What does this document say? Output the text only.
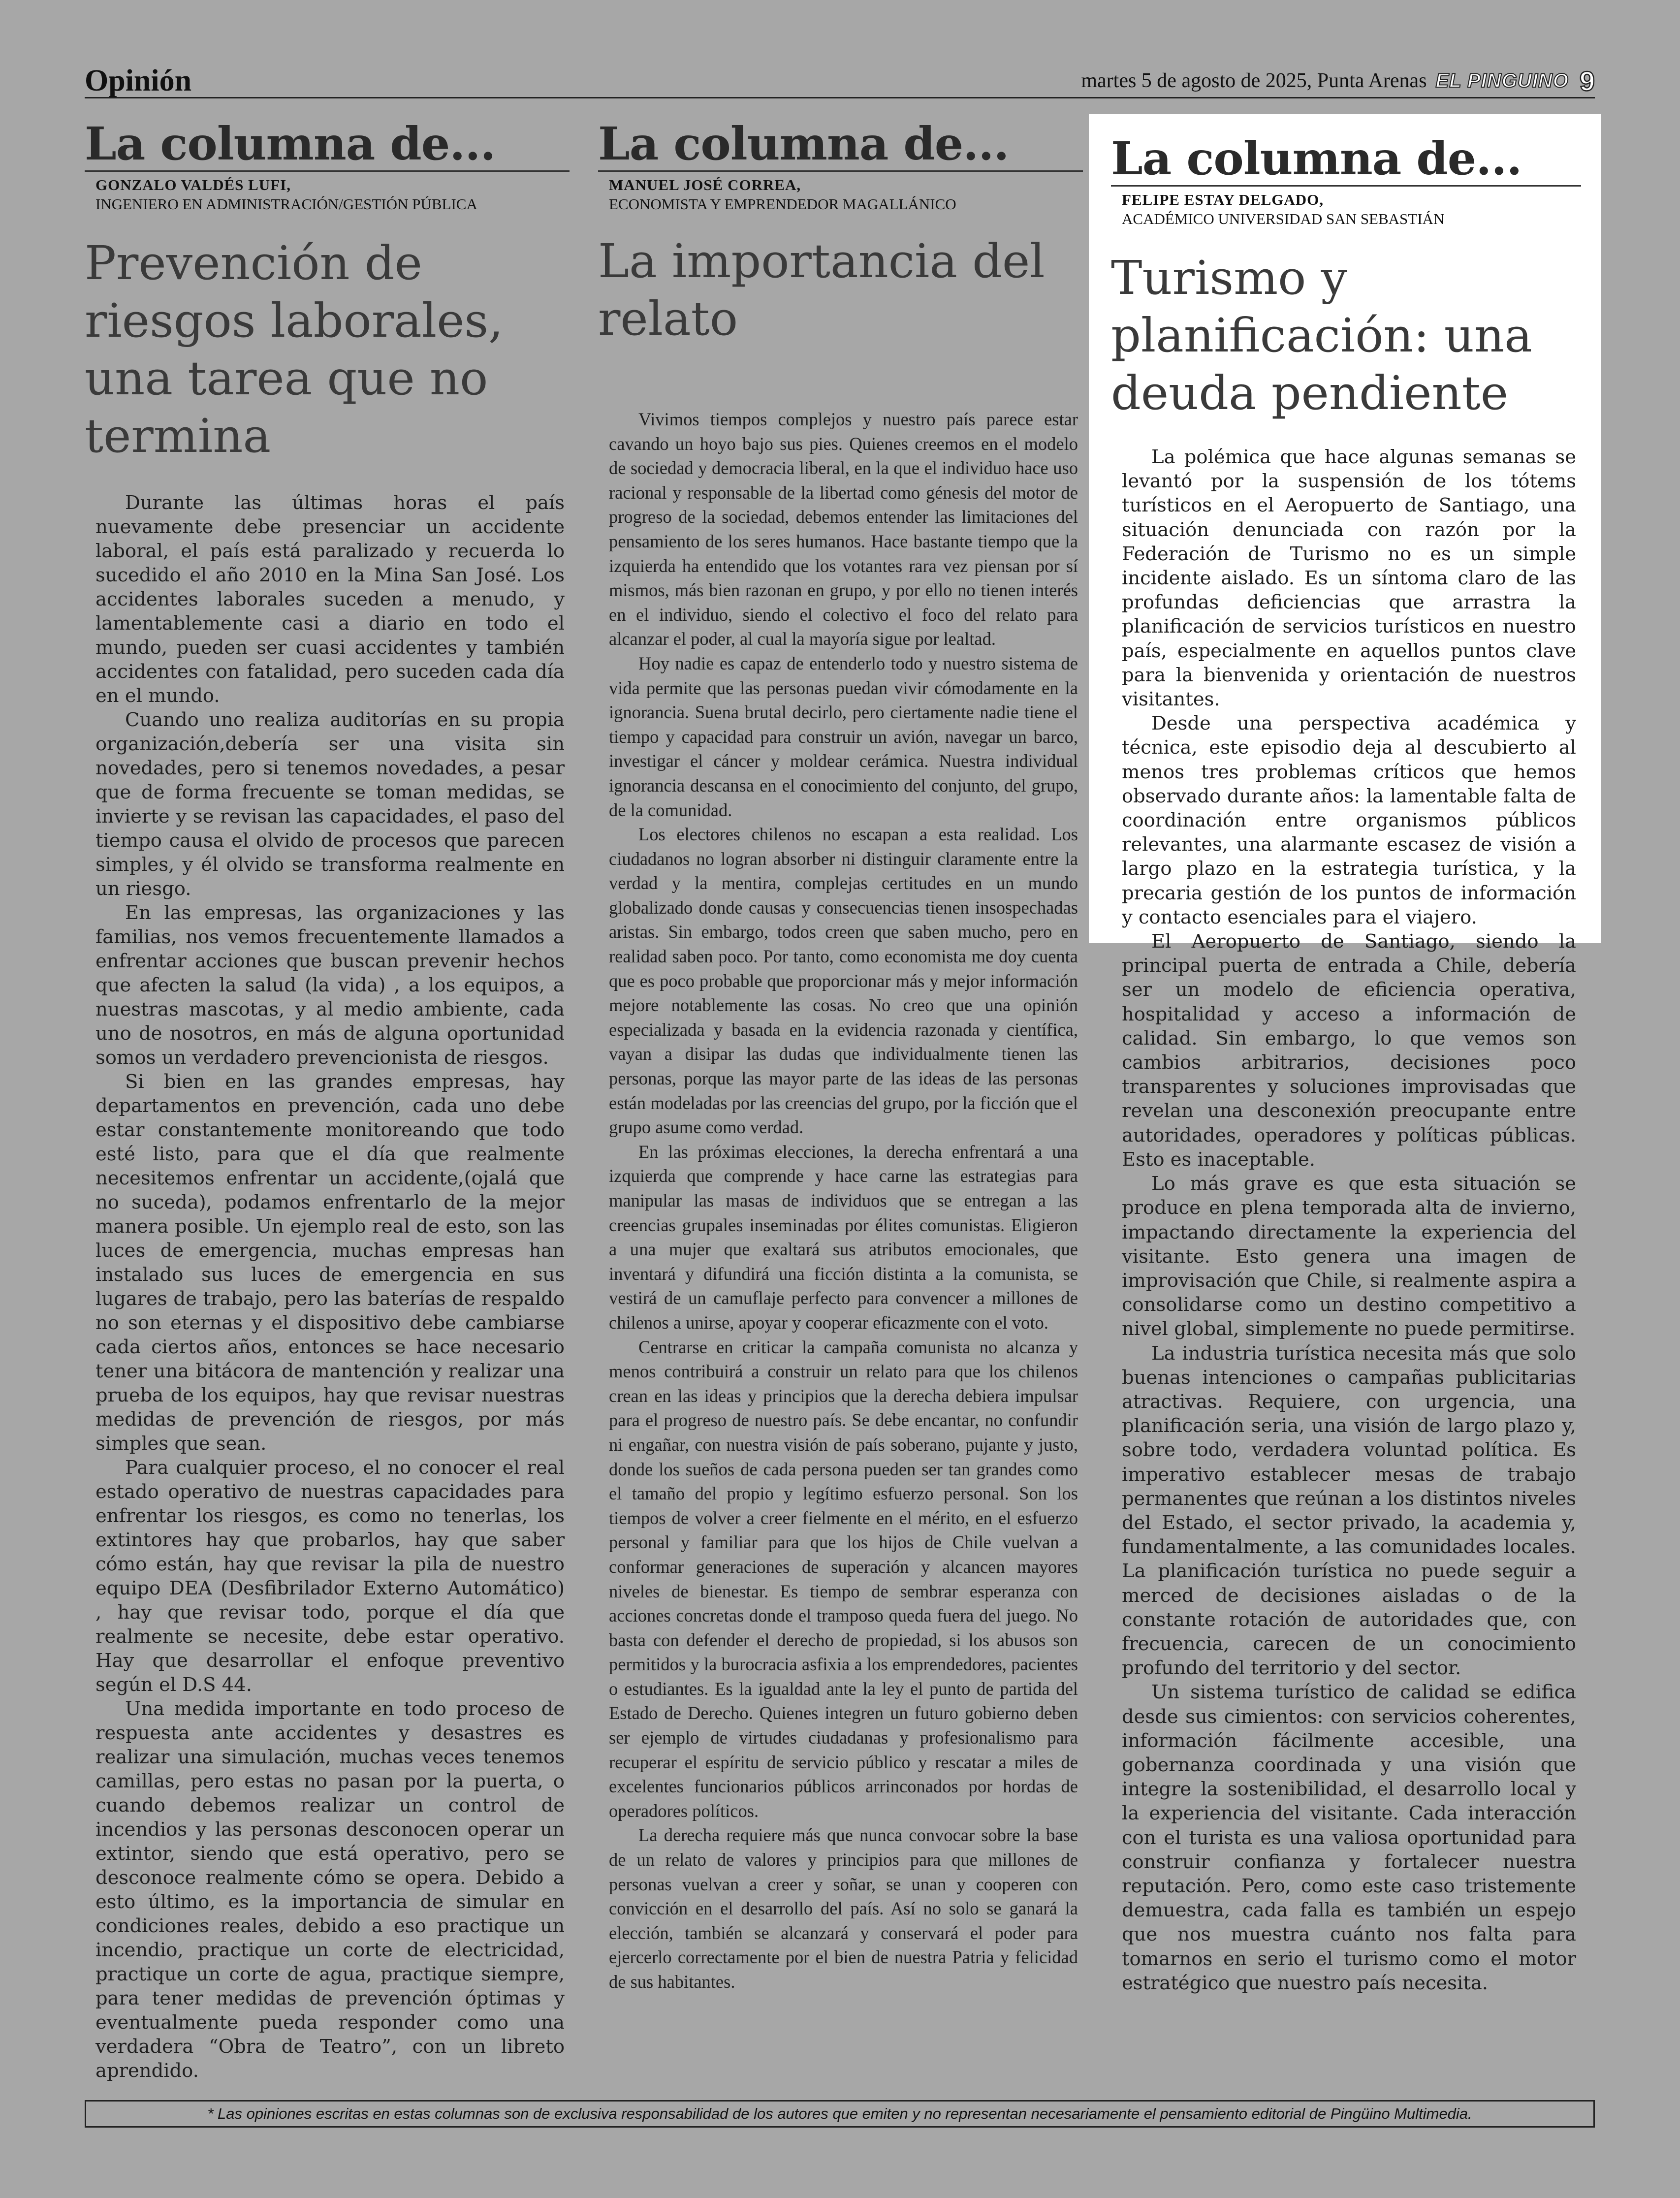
Opinión	martes 5 de agosto de 2025, Punta Arenas EL PINGUINO 9
La columna de...
GONZALO VALDÉS LUFI,
INGENIERO EN ADMINISTRACIÓN/GESTIÓN PÚBLICA
Prevención de riesgos laborales, una tarea que no termina

Durante las últimas horas el país nuevamente debe presenciar un accidente laboral, el país está paralizado y recuerda lo sucedido el año 2010 en la Mina San José. Los accidentes laborales suceden a menudo, y lamentablemente casi a diario en todo el mundo, pueden ser cuasi accidentes y también accidentes con fatalidad, pero suceden cada día en el mundo.

Cuando uno realiza auditorías en su propia organización,debería ser una visita sin novedades, pero si tenemos novedades, a pesar que de forma frecuente se toman medidas, se invierte y se revisan las capacidades, el paso del tiempo causa el olvido de procesos que parecen simples, y él olvido se transforma realmente en un riesgo.

En las empresas, las organizaciones y las familias, nos vemos frecuentemente llamados a enfrentar acciones que buscan prevenir hechos que afecten la salud (la vida) , a los equipos, a nuestras mascotas, y al medio ambiente, cada uno de nosotros, en más de alguna oportunidad somos un verdadero prevencionista de riesgos.

Si bien en las grandes empresas, hay departamentos en prevención, cada uno debe estar constantemente monitoreando que todo esté listo, para que el día que realmente necesitemos enfrentar un accidente,(ojalá que no suceda), podamos enfrentarlo de la mejor manera posible. Un ejemplo real de esto, son las luces de emergencia, muchas empresas han instalado sus luces de emergencia en sus lugares de trabajo, pero las baterías de respaldo no son eternas y el dispositivo debe cambiarse cada ciertos años, entonces se hace necesario tener una bitácora de mantención y realizar una prueba de los equipos, hay que revisar nuestras medidas de prevención de riesgos, por más simples que sean.

Para cualquier proceso, el no conocer el real estado operativo de nuestras capacidades para enfrentar los riesgos, es como no tenerlas, los extintores hay que probarlos, hay que saber cómo están, hay que revisar la pila de nuestro equipo DEA (Desfibrilador Externo Automático) , hay que revisar todo, porque el día que realmente se necesite, debe estar operativo. Hay que desarrollar el enfoque preventivo según el D.S 44.

Una medida importante en todo proceso de respuesta ante accidentes y desastres es realizar una simulación, muchas veces tenemos camillas, pero estas no pasan por la puerta, o cuando debemos realizar un control de incendios y las personas desconocen operar un extintor, siendo que está operativo, pero se desconoce realmente cómo se opera. Debido a esto último, es la importancia de simular en condiciones reales, debido a eso practique un incendio, practique un corte de electricidad, practique un corte de agua, practique siempre, para tener medidas de prevención óptimas y eventualmente pueda responder como una verdadera “Obra de Teatro”, con un libreto aprendido.

La columna de...
MANUEL JOSÉ CORREA,
ECONOMISTA Y EMPRENDEDOR MAGALLÁNICO
La importancia del relato

Vivimos tiempos complejos y nuestro país parece estar cavando un hoyo bajo sus pies. Quienes creemos en el modelo de sociedad y democracia liberal, en la que el individuo hace uso racional y responsable de la libertad como génesis del motor de progreso de la sociedad, debemos entender las limitaciones del pensamiento de los seres humanos. Hace bastante tiempo que la izquierda ha entendido que los votantes rara vez piensan por sí mismos, más bien razonan en grupo, y por ello no tienen interés en el individuo, siendo el colectivo el foco del relato para alcanzar el poder, al cual la mayoría sigue por lealtad.

Hoy nadie es capaz de entenderlo todo y nuestro sistema de vida permite que las personas puedan vivir cómodamente en la ignorancia. Suena brutal decirlo, pero ciertamente nadie tiene el tiempo y capacidad para construir un avión, navegar un barco, investigar el cáncer y moldear cerámica. Nuestra individual ignorancia descansa en el conocimiento del conjunto, del grupo, de la comunidad.

Los electores chilenos no escapan a esta realidad. Los ciudadanos no logran absorber ni distinguir claramente entre la verdad y la mentira, complejas certitudes en un mundo globalizado donde causas y consecuencias tienen insospechadas aristas. Sin embargo, todos creen que saben mucho, pero en realidad saben poco. Por tanto, como economista me doy cuenta que es poco probable que proporcionar más y mejor información mejore notablemente las cosas. No creo que una opinión especializada y basada en la evidencia razonada y científica, vayan a disipar las dudas que individualmente tienen las personas, porque las mayor parte de las ideas de las personas están modeladas por las creencias del grupo, por la ficción que el grupo asume como verdad.

En las próximas elecciones, la derecha enfrentará a una izquierda que comprende y hace carne las estrategias para manipular las masas de individuos que se entregan a las creencias grupales inseminadas por élites comunistas. Eligieron a una mujer que exaltará sus atributos emocionales, que inventará y difundirá una ficción distinta a la comunista, se vestirá de un camuflaje perfecto para convencer a millones de chilenos a unirse, apoyar y cooperar eficazmente con el voto.

Centrarse en criticar la campaña comunista no alcanza y menos contribuirá a construir un relato para que los chilenos crean en las ideas y principios que la derecha debiera impulsar para el progreso de nuestro país. Se debe encantar, no confundir ni engañar, con nuestra visión de país soberano, pujante y justo, donde los sueños de cada persona pueden ser tan grandes como el tamaño del propio y legítimo esfuerzo personal. Son los tiempos de volver a creer fielmente en el mérito, en el esfuerzo personal y familiar para que los hijos de Chile vuelvan a conformar generaciones de superación y alcancen mayores niveles de bienestar. Es tiempo de sembrar esperanza con acciones concretas donde el tramposo queda fuera del juego. No basta con defender el derecho de propiedad, si los abusos son permitidos y la burocracia asfixia a los emprendedores, pacientes o estudiantes. Es la igualdad ante la ley el punto de partida del Estado de Derecho. Quienes integren un futuro gobierno deben ser ejemplo de virtudes ciudadanas y profesionalismo para recuperar el espíritu de servicio público y rescatar a miles de excelentes funcionarios públicos arrinconados por hordas de operadores políticos.

La derecha requiere más que nunca convocar sobre la base de un relato de valores y principios para que millones de personas vuelvan a creer y soñar, se unan y cooperen con convicción en el desarrollo del país. Así no solo se ganará la elección, también se alcanzará y conservará el poder para ejercerlo correctamente por el bien de nuestra Patria y felicidad de sus habitantes.

La columna de...
FELIPE ESTAY DELGADO,
ACADÉMICO UNIVERSIDAD SAN SEBASTIÁN
Turismo y planificación: una deuda pendiente

La polémica que hace algunas semanas se levantó por la suspensión de los tótems turísticos en el Aeropuerto de Santiago, una situación denunciada con razón por la Federación de Turismo no es un simple incidente aislado. Es un síntoma claro de las profundas deficiencias que arrastra la planificación de servicios turísticos en nuestro país, especialmente en aquellos puntos clave para la bienvenida y orientación de nuestros visitantes.

Desde una perspectiva académica y técnica, este episodio deja al descubierto al menos tres problemas críticos que hemos observado durante años: la lamentable falta de coordinación entre organismos públicos relevantes, una alarmante escasez de visión a largo plazo en la estrategia turística, y la precaria gestión de los puntos de información y contacto esenciales para el viajero.

El Aeropuerto de Santiago, siendo la principal puerta de entrada a Chile, debería ser un modelo de eficiencia operativa, hospitalidad y acceso a información de calidad. Sin embargo, lo que vemos son cambios arbitrarios, decisiones poco transparentes y soluciones improvisadas que revelan una desconexión preocupante entre autoridades, operadores y políticas públicas. Esto es inaceptable.

Lo más grave es que esta situación se produce en plena temporada alta de invierno, impactando directamente la experiencia del visitante. Esto genera una imagen de improvisación que Chile, si realmente aspira a consolidarse como un destino competitivo a nivel global, simplemente no puede permitirse.

La industria turística necesita más que solo buenas intenciones o campañas publicitarias atractivas. Requiere, con urgencia, una planificación seria, una visión de largo plazo y, sobre todo, verdadera voluntad política. Es imperativo establecer mesas de trabajo permanentes que reúnan a los distintos niveles del Estado, el sector privado, la academia y, fundamentalmente, a las comunidades locales. La planificación turística no puede seguir a merced de decisiones aisladas o de la constante rotación de autoridades que, con frecuencia, carecen de un conocimiento profundo del territorio y del sector.

Un sistema turístico de calidad se edifica desde sus cimientos: con servicios coherentes, información fácilmente accesible, una gobernanza coordinada y una visión que integre la sostenibilidad, el desarrollo local y la experiencia del visitante. Cada interacción con el turista es una valiosa oportunidad para construir confianza y fortalecer nuestra reputación. Pero, como este caso tristemente demuestra, cada falla es también un espejo que nos muestra cuánto nos falta para tomarnos en serio el turismo como el motor estratégico que nuestro país necesita.

* Las opiniones escritas en estas columnas son de exclusiva responsabilidad de los autores que emiten y no representan necesariamente el pensamiento editorial de Pingüino Multimedia.
